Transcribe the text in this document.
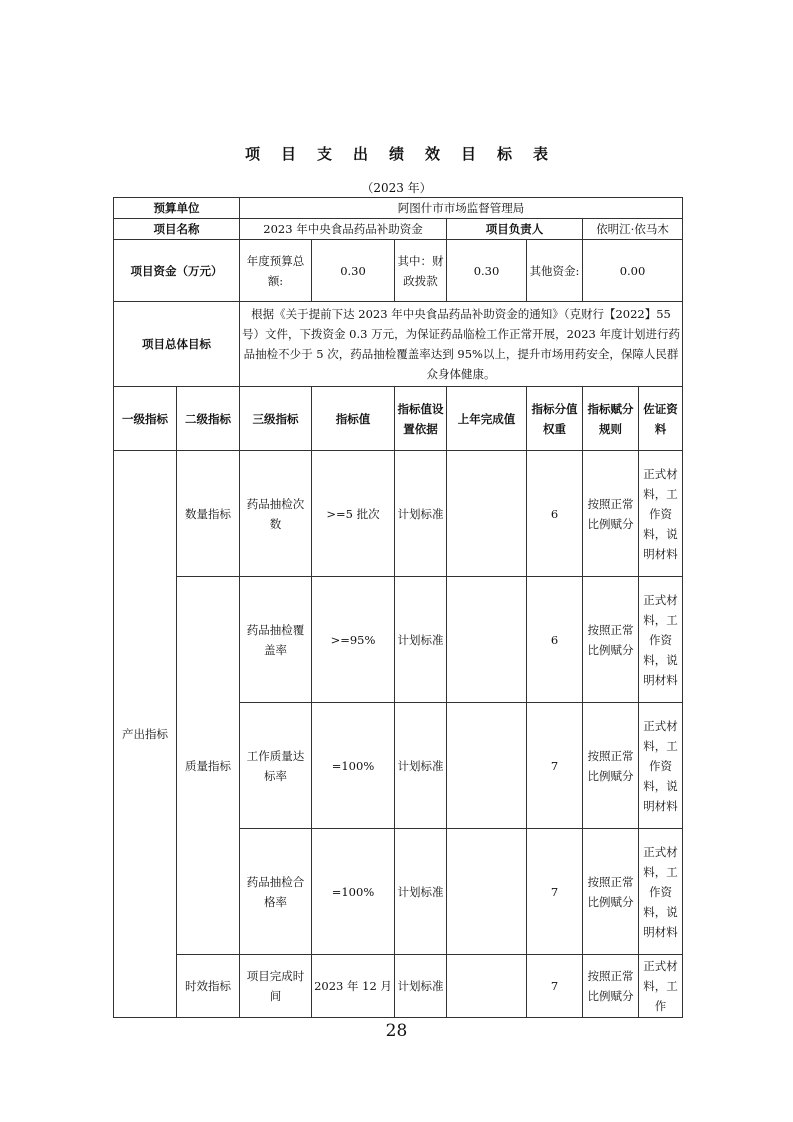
项目支出绩效目标表
（2023 年）
预算单位		阿图什市市场监督管理局						
项目名称		2023 年中央食品药品补助资金			项目负责人		依明江·依马木	
项目资金（万元）		年度预算总额:	0.30	其中：财政拨款	0.30	其他资金:	0.00	
项目总体目标		根据《关于提前下达 2023 年中央食品药品补助资金的通知》（克财行【2022】55 号）文件，下拨资金 0.3 万元，为保证药品临检工作正常开展，2023 年度计划进行药品抽检不少于 5 次，药品抽检覆盖率达到 95%以上，提升市场用药安全，保障人民群众身体健康。						
一级指标	二级指标	三级指标	指标值	指标值设置依据	上年完成值	指标分值权重	指标赋分规则	佐证资料
产出指标	数量指标	药品抽检次数	>=5 批次	计划标准		6	按照正常比例赋分	正式材料，工作资料，说明材料
	质量指标	药品抽检覆盖率	>=95%	计划标准		6	按照正常比例赋分	正式材料，工作资料，说明材料
		工作质量达标率	=100%	计划标准		7	按照正常比例赋分	正式材料，工作资料，说明材料
		药品抽检合格率	=100%	计划标准		7	按照正常比例赋分	正式材料，工作资料，说明材料
	时效指标	项目完成时间	2023 年 12 月	计划标准		7	按照正常比例赋分	正式材料，工作
28
